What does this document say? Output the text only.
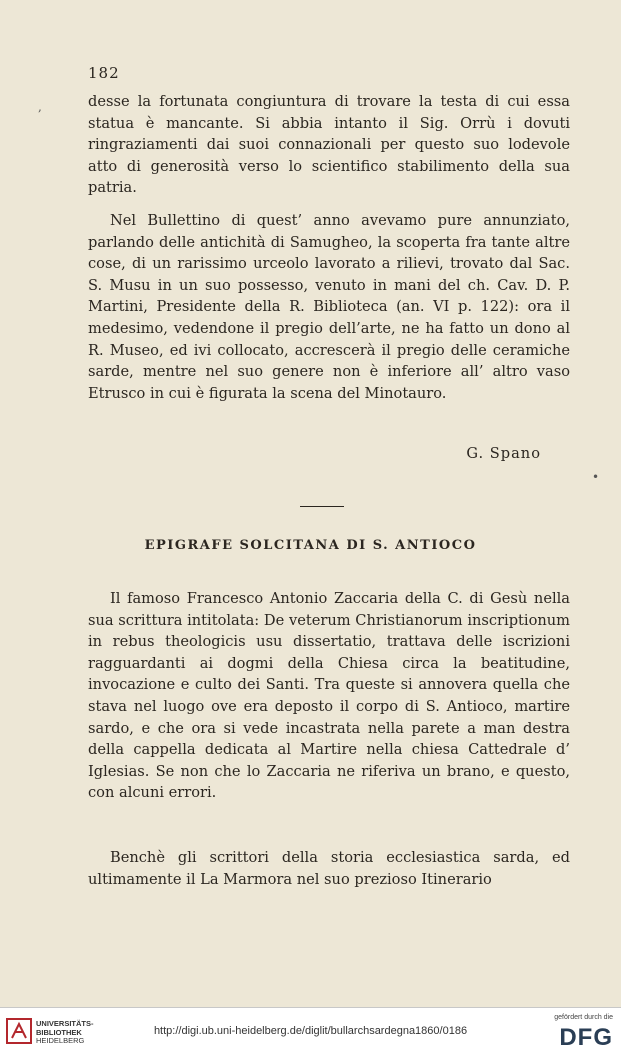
182

desse la fortunata congiuntura di trovare la testa di cui essa statua è mancante. Si abbia intanto il Sig. Orrù i dovuti ringraziamenti dai suoi connazionali per questo suo lodevole atto di generosità verso lo scientifico stabilimento della sua patria.

Nel Bullettino di quest’ anno avevamo pure annunziato, parlando delle antichità di Samugheo, la scoperta fra tante altre cose, di un rarissimo urceolo lavorato a rilievi, trovato dal Sac. S. Musu in un suo possesso, venuto in mani del ch. Cav. D. P. Martini, Presidente della R. Biblioteca (an. VI p. 122): ora il medesimo, vedendone il pregio dell’arte, ne ha fatto un dono al R. Museo, ed ivi collocato, accrescerà il pregio delle ceramiche sarde, mentre nel suo genere non è inferiore all’ altro vaso Etrusco in cui è figurata la scena del Minotauro.

G. Spano
EPIGRAFE SOLCITANA DI S. ANTIOCO

Il famoso Francesco Antonio Zaccaria della C. di Gesù nella sua scrittura intitolata: De veterum Christianorum inscriptionum in rebus theologicis usu dissertatio, trattava delle iscrizioni ragguardanti ai dogmi della Chiesa circa la beatitudine, invocazione e culto dei Santi. Tra queste si annovera quella che stava nel luogo ove era deposto il corpo di S. Antioco, martire sardo, e che ora si vede incastrata nella parete a man destra della cappella dedicata al Martire nella chiesa Cattedrale d’ Iglesias. Se non che lo Zaccaria ne riferiva un brano, e questo, con alcuni errori.

Benchè gli scrittori della storia ecclesiastica sarda, ed ultimamente il La Marmora nel suo prezioso Itinerario

,
•
UNIVERSITÄTS-
BIBLIOTHEK
HEIDELBERG
http://digi.ub.uni-heidelberg.de/diglit/bullarchsardegna1860/0186
gefördert durch die
DFG
